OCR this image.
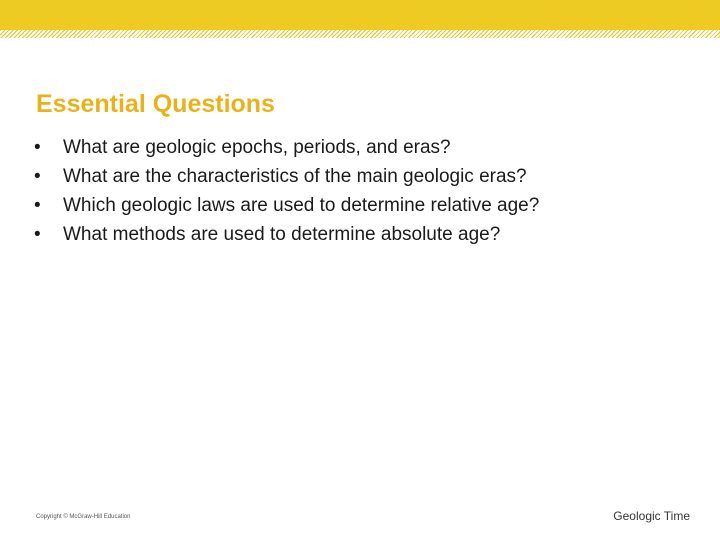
Essential Questions
•	What are geologic epochs, periods, and eras?
•	What are the characteristics of the main geologic eras?
•	Which geologic laws are used to determine relative age?
•	What methods are used to determine absolute age?
Copyright © McGraw-Hill Education	Geologic Time
